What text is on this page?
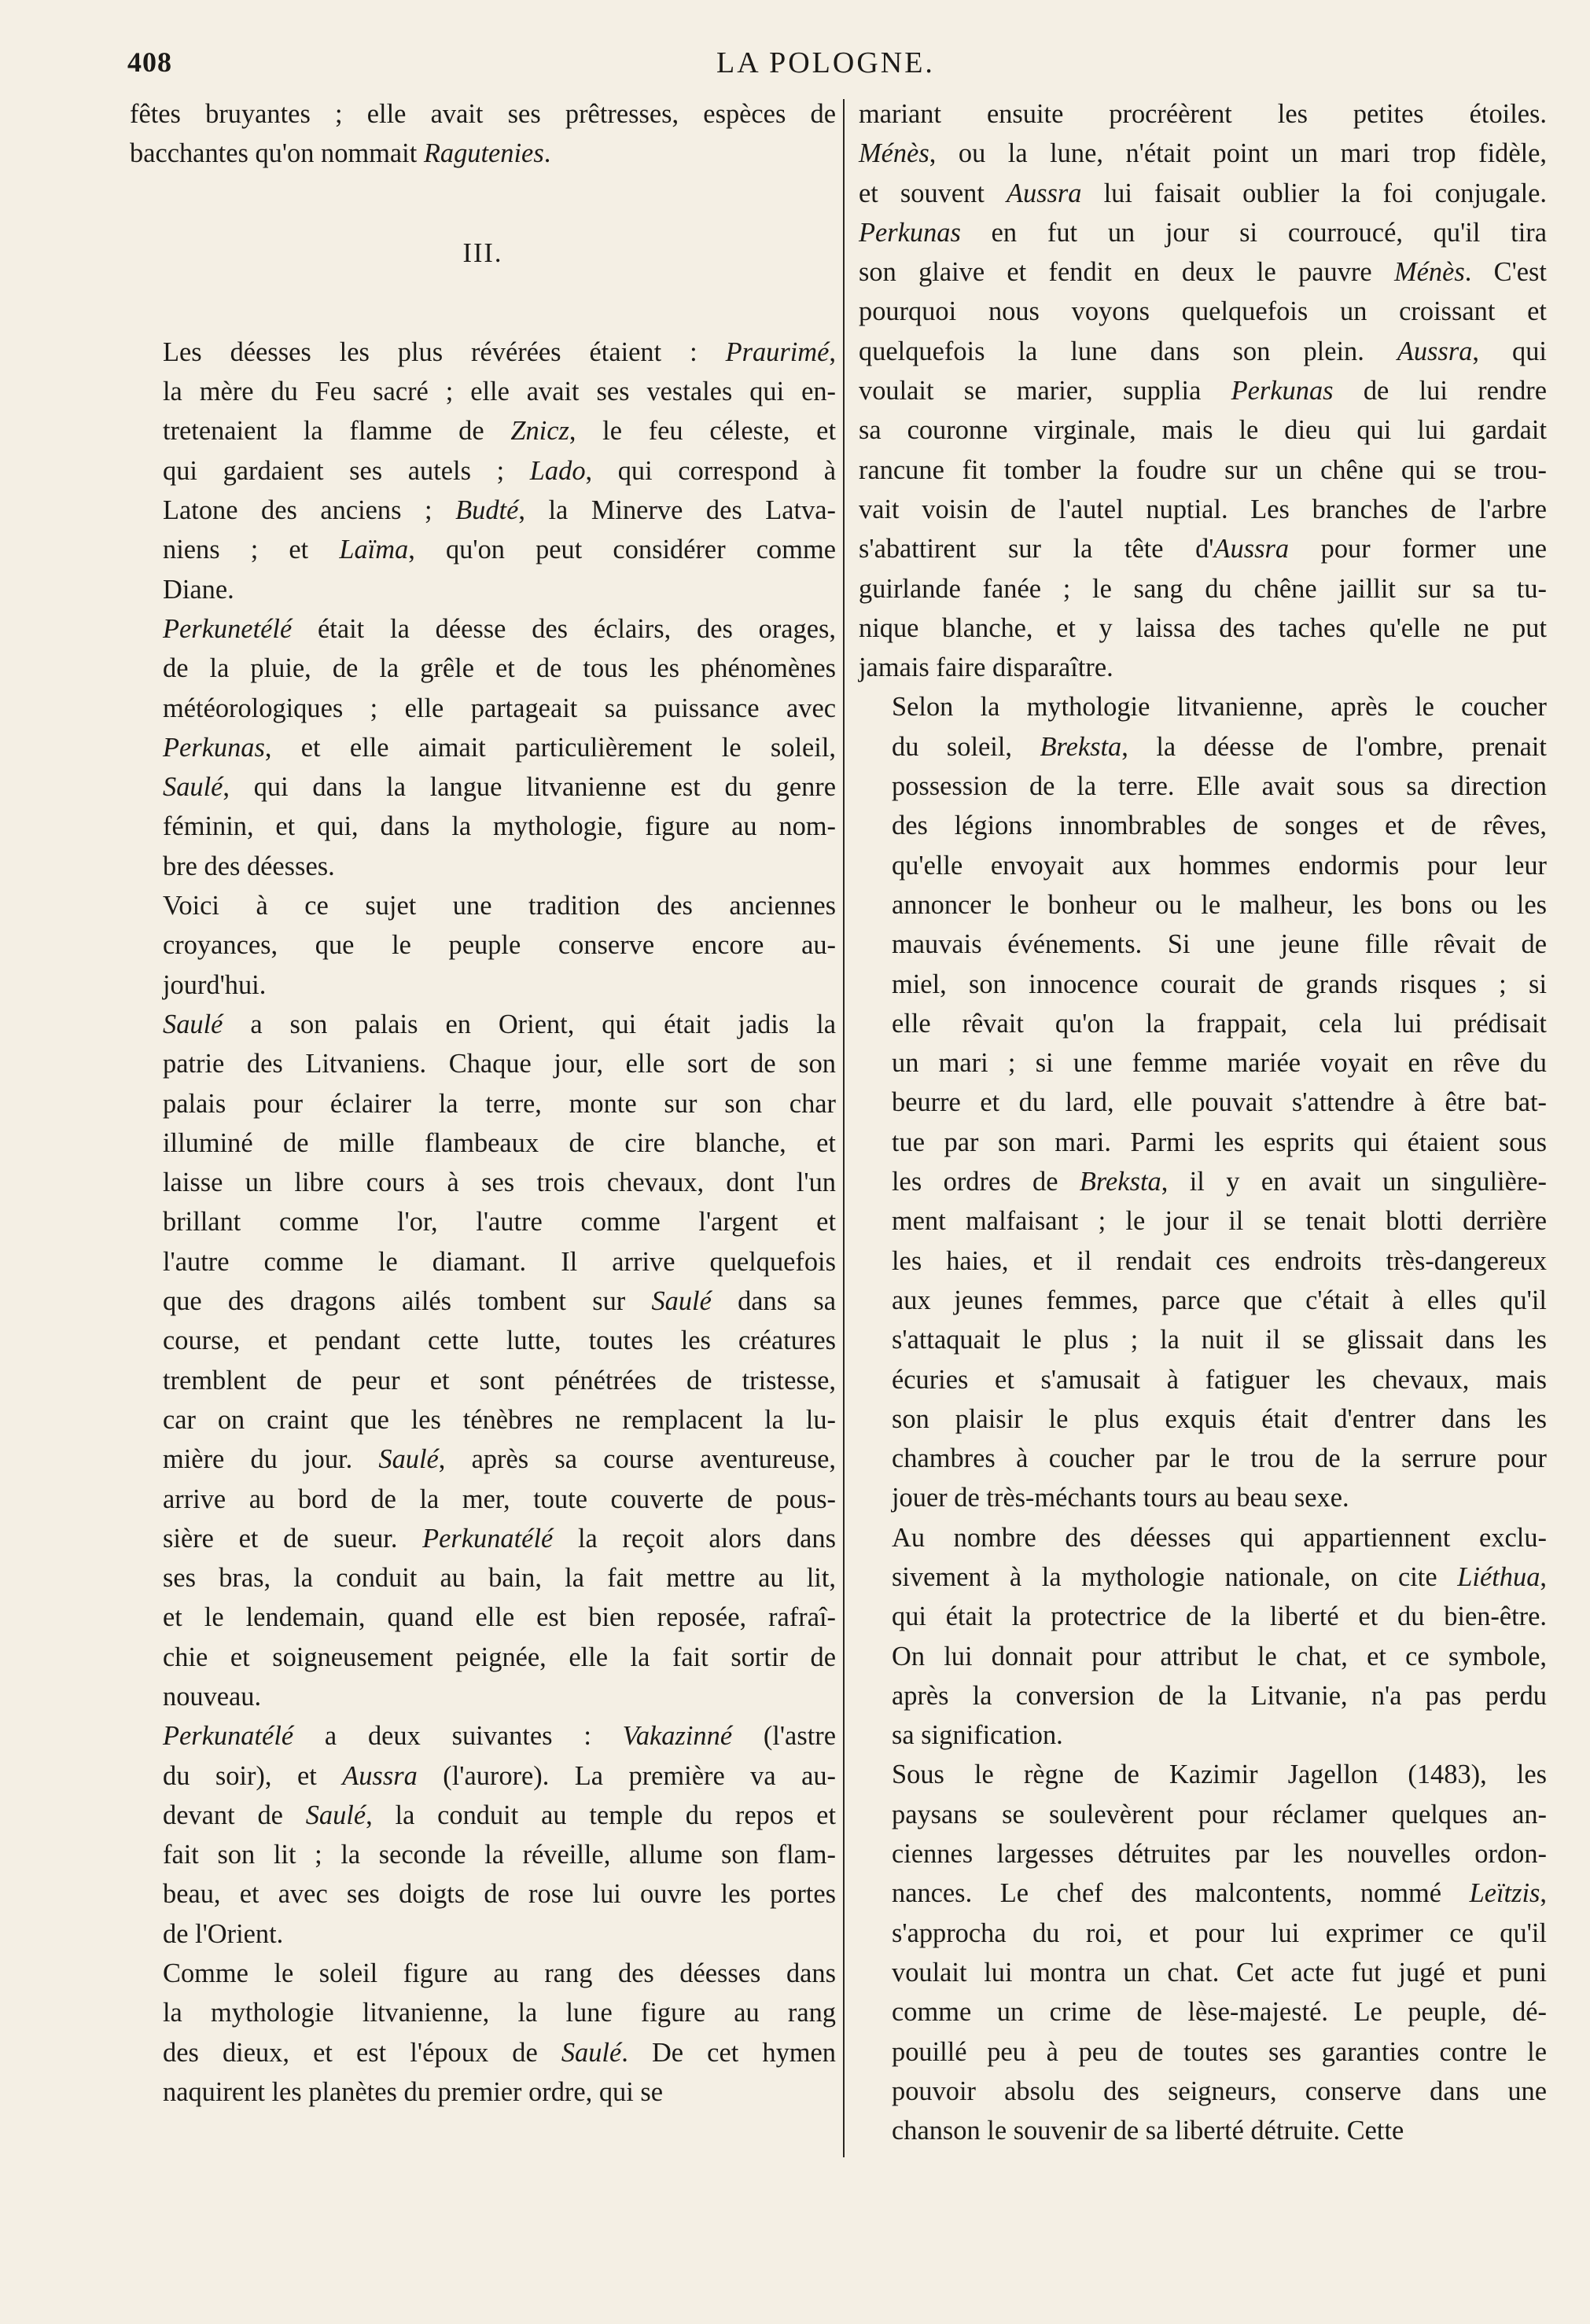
408	LA POLOGNE.

fêtes bruyantes ; elle avait ses prêtresses, espèces de
bacchantes qu'on nommait Ragutenies.

III.

Les déesses les plus révérées étaient : Praurimé,
la mère du Feu sacré ; elle avait ses vestales qui en-
tretenaient la flamme de Znicz, le feu céleste, et
qui gardaient ses autels ; Lado, qui correspond à
Latone des anciens ; Budté, la Minerve des Latva-
niens ; et Laïma, qu'on peut considérer comme
Diane.

Perkunetélé était la déesse des éclairs, des orages,
de la pluie, de la grêle et de tous les phénomènes
météorologiques ; elle partageait sa puissance avec
Perkunas, et elle aimait particulièrement le soleil,
Saulé, qui dans la langue litvanienne est du genre
féminin, et qui, dans la mythologie, figure au nom-
bre des déesses.

Voici à ce sujet une tradition des anciennes
croyances, que le peuple conserve encore au-
jourd'hui.

Saulé a son palais en Orient, qui était jadis la
patrie des Litvaniens. Chaque jour, elle sort de son
palais pour éclairer la terre, monte sur son char
illuminé de mille flambeaux de cire blanche, et
laisse un libre cours à ses trois chevaux, dont l'un
brillant comme l'or, l'autre comme l'argent et
l'autre comme le diamant. Il arrive quelquefois
que des dragons ailés tombent sur Saulé dans sa
course, et pendant cette lutte, toutes les créatures
tremblent de peur et sont pénétrées de tristesse,
car on craint que les ténèbres ne remplacent la lu-
mière du jour. Saulé, après sa course aventureuse,
arrive au bord de la mer, toute couverte de pous-
sière et de sueur. Perkunatélé la reçoit alors dans
ses bras, la conduit au bain, la fait mettre au lit,
et le lendemain, quand elle est bien reposée, rafraî-
chie et soigneusement peignée, elle la fait sortir de
nouveau.

Perkunatélé a deux suivantes : Vakazinné (l'astre
du soir), et Aussra (l'aurore). La première va au-
devant de Saulé, la conduit au temple du repos et
fait son lit ; la seconde la réveille, allume son flam-
beau, et avec ses doigts de rose lui ouvre les portes
de l'Orient.

Comme le soleil figure au rang des déesses dans
la mythologie litvanienne, la lune figure au rang
des dieux, et est l'époux de Saulé. De cet hymen
naquirent les planètes du premier ordre, qui se

mariant ensuite procréèrent les petites étoiles.
Ménès, ou la lune, n'était point un mari trop fidèle,
et souvent Aussra lui faisait oublier la foi conjugale.
Perkunas en fut un jour si courroucé, qu'il tira
son glaive et fendit en deux le pauvre Ménès. C'est
pourquoi nous voyons quelquefois un croissant et
quelquefois la lune dans son plein. Aussra, qui
voulait se marier, supplia Perkunas de lui rendre
sa couronne virginale, mais le dieu qui lui gardait
rancune fit tomber la foudre sur un chêne qui se trou-
vait voisin de l'autel nuptial. Les branches de l'arbre
s'abattirent sur la tête d'Aussra pour former une
guirlande fanée ; le sang du chêne jaillit sur sa tu-
nique blanche, et y laissa des taches qu'elle ne put
jamais faire disparaître.

Selon la mythologie litvanienne, après le coucher
du soleil, Breksta, la déesse de l'ombre, prenait
possession de la terre. Elle avait sous sa direction
des légions innombrables de songes et de rêves,
qu'elle envoyait aux hommes endormis pour leur
annoncer le bonheur ou le malheur, les bons ou les
mauvais événements. Si une jeune fille rêvait de
miel, son innocence courait de grands risques ; si
elle rêvait qu'on la frappait, cela lui prédisait
un mari ; si une femme mariée voyait en rêve du
beurre et du lard, elle pouvait s'attendre à être bat-
tue par son mari. Parmi les esprits qui étaient sous
les ordres de Breksta, il y en avait un singulière-
ment malfaisant ; le jour il se tenait blotti derrière
les haies, et il rendait ces endroits très-dangereux
aux jeunes femmes, parce que c'était à elles qu'il
s'attaquait le plus ; la nuit il se glissait dans les
écuries et s'amusait à fatiguer les chevaux, mais
son plaisir le plus exquis était d'entrer dans les
chambres à coucher par le trou de la serrure pour
jouer de très-méchants tours au beau sexe.

Au nombre des déesses qui appartiennent exclu-
sivement à la mythologie nationale, on cite Liéthua,
qui était la protectrice de la liberté et du bien-être.
On lui donnait pour attribut le chat, et ce symbole,
après la conversion de la Litvanie, n'a pas perdu
sa signification.

Sous le règne de Kazimir Jagellon (1483), les
paysans se soulevèrent pour réclamer quelques an-
ciennes largesses détruites par les nouvelles ordon-
nances. Le chef des malcontents, nommé Leïtzis,
s'approcha du roi, et pour lui exprimer ce qu'il
voulait lui montra un chat. Cet acte fut jugé et puni
comme un crime de lèse-majesté. Le peuple, dé-
pouillé peu à peu de toutes ses garanties contre le
pouvoir absolu des seigneurs, conserve dans une
chanson le souvenir de sa liberté détruite. Cette
